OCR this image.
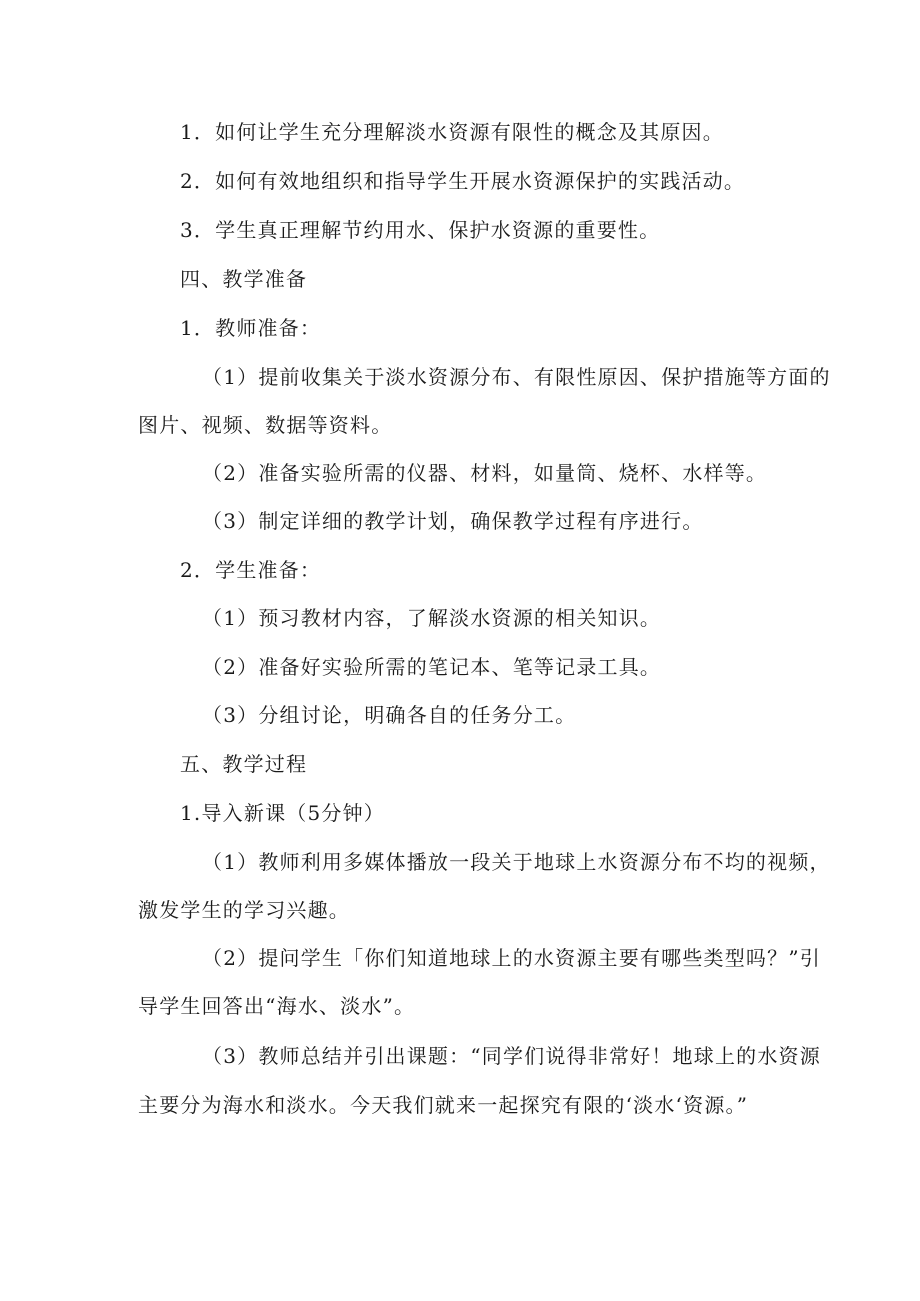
1．如何让学生充分理解淡水资源有限性的概念及其原因。
2．如何有效地组织和指导学生开展水资源保护的实践活动。
3．学生真正理解节约用水、保护水资源的重要性。
四、教学准备
1．教师准备：
（1）提前收集关于淡水资源分布、有限性原因、保护措施等方面的
图片、视频、数据等资料。
（2）准备实验所需的仪器、材料，如量筒、烧杯、水样等。
（3）制定详细的教学计划，确保教学过程有序进行。
2．学生准备：
（1）预习教材内容，了解淡水资源的相关知识。
（2）准备好实验所需的笔记本、笔等记录工具。
（3）分组讨论，明确各自的任务分工。
五、教学过程
1.导入新课（5分钟）
（1）教师利用多媒体播放一段关于地球上水资源分布不均的视频，
激发学生的学习兴趣。
（2）提问学生「你们知道地球上的水资源主要有哪些类型吗？”引
导学生回答出“海水、淡水”。
（3）教师总结并引出课题：“同学们说得非常好！地球上的水资源
主要分为海水和淡水。今天我们就来一起探究有限的‘淡水‘资源。”
